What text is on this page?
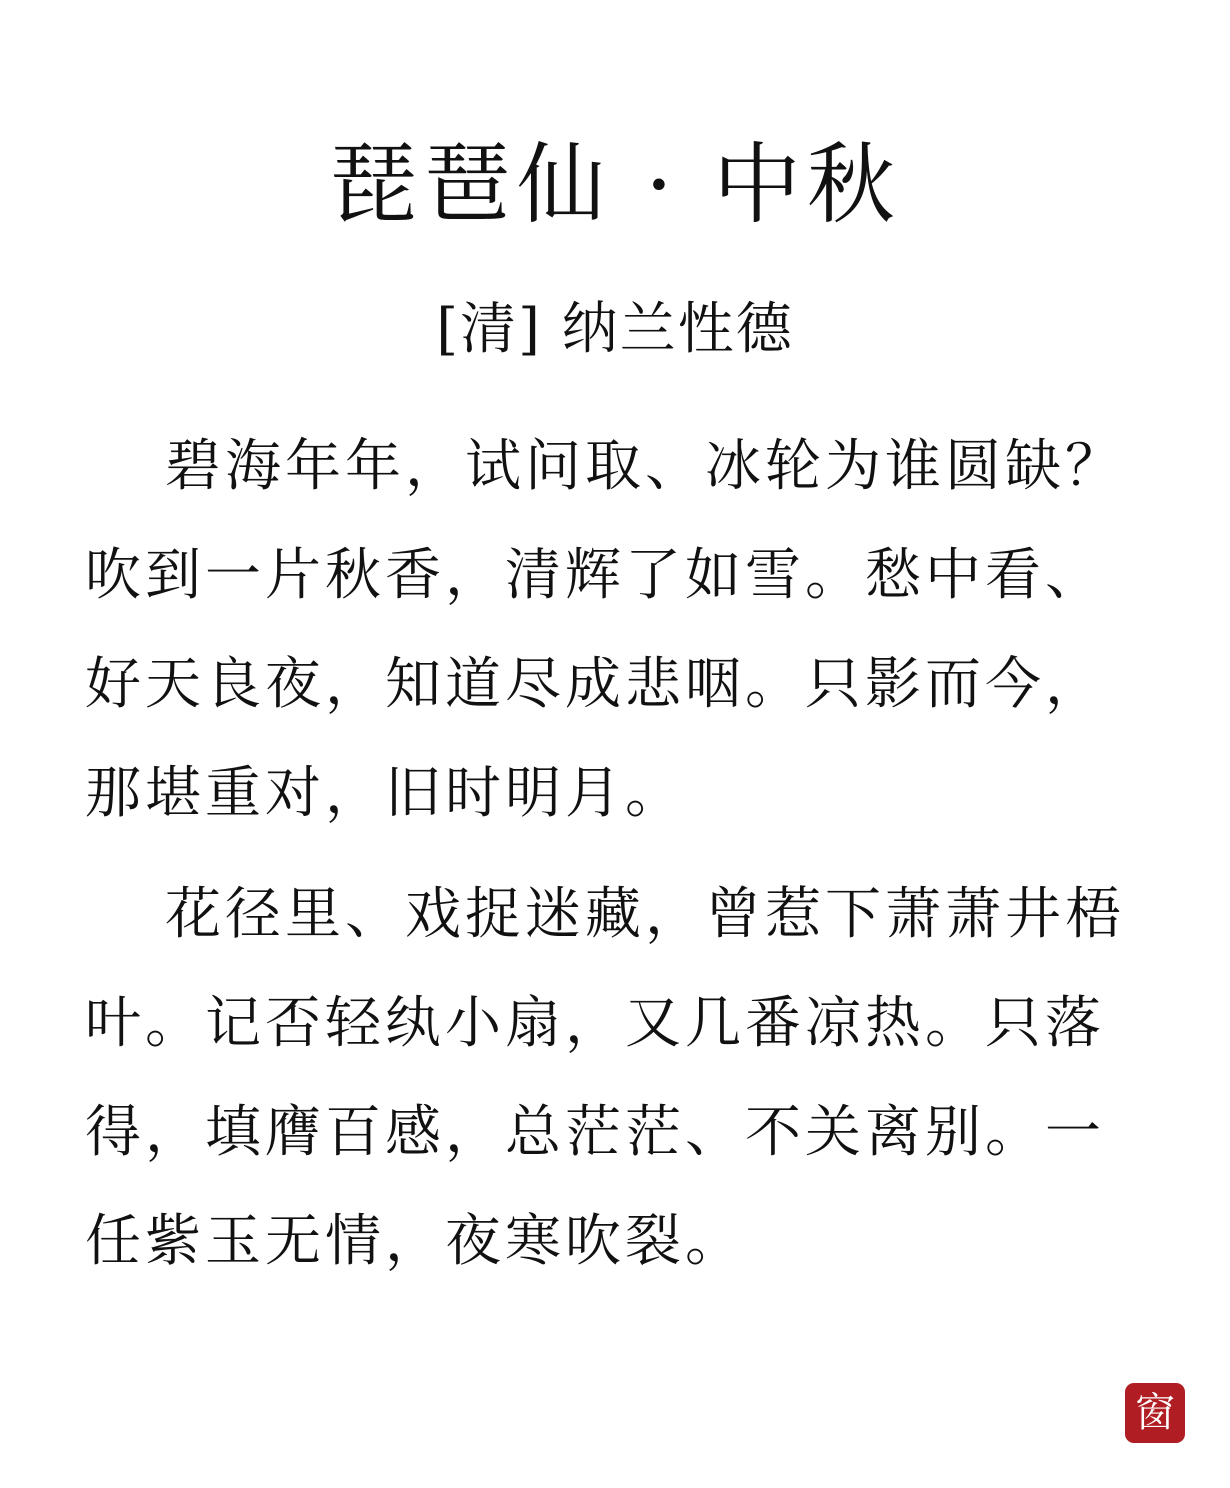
琵琶仙 · 中秋
[清] 纳兰性德

碧海年年，试问取、冰轮为谁圆缺？吹到一片秋香，清辉了如雪。愁中看、好天良夜，知道尽成悲咽。只影而今，那堪重对，旧时明月。

花径里、戏捉迷藏，曾惹下萧萧井梧叶。记否轻纨小扇，又几番凉热。只落得，填膺百感，总茫茫、不关离别。一任紫玉无情，夜寒吹裂。

窗
